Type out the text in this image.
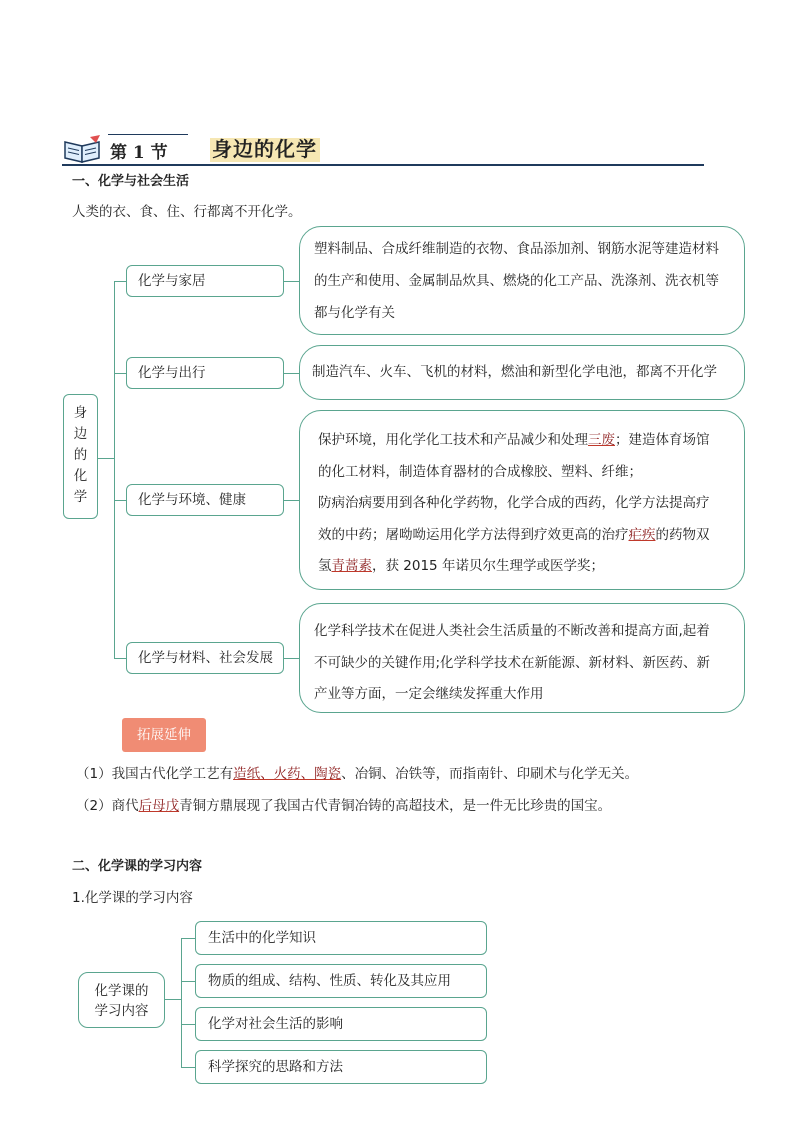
第 1 节 身边的化学
一、化学与社会生活
人类的衣、食、住、行都离不开化学。
身
边
的
化
学
化学与家居
化学与出行
化学与环境、健康
化学与材料、社会发展
塑料制品、合成纤维制造的衣物、食品添加剂、钢筋水泥等建造材料
的生产和使用、金属制品炊具、燃烧的化工产品、洗涤剂、洗衣机等
都与化学有关
制造汽车、火车、飞机的材料，燃油和新型化学电池，都离不开化学
保护环境，用化学化工技术和产品减少和处理三废；建造体育场馆
的化工材料，制造体育器材的合成橡胶、塑料、纤维；
防病治病要用到各种化学药物，化学合成的西药，化学方法提高疗
效的中药；屠呦呦运用化学方法得到疗效更高的治疗疟疾的药物双
氢青蒿素，获 2015 年诺贝尔生理学或医学奖；
化学科学技术在促进人类社会生活质量的不断改善和提高方面,起着
不可缺少的关键作用;化学科学技术在新能源、新材料、新医药、新
产业等方面，一定会继续发挥重大作用
拓展延伸
（1）我国古代化学工艺有造纸、火药、陶瓷、冶铜、冶铁等，而指南针、印刷术与化学无关。
（2）商代后母戊青铜方鼎展现了我国古代青铜冶铸的高超技术，是一件无比珍贵的国宝。
二、化学课的学习内容
1.化学课的学习内容
化学课的
学习内容
生活中的化学知识
物质的组成、结构、性质、转化及其应用
化学对社会生活的影响
科学探究的思路和方法
